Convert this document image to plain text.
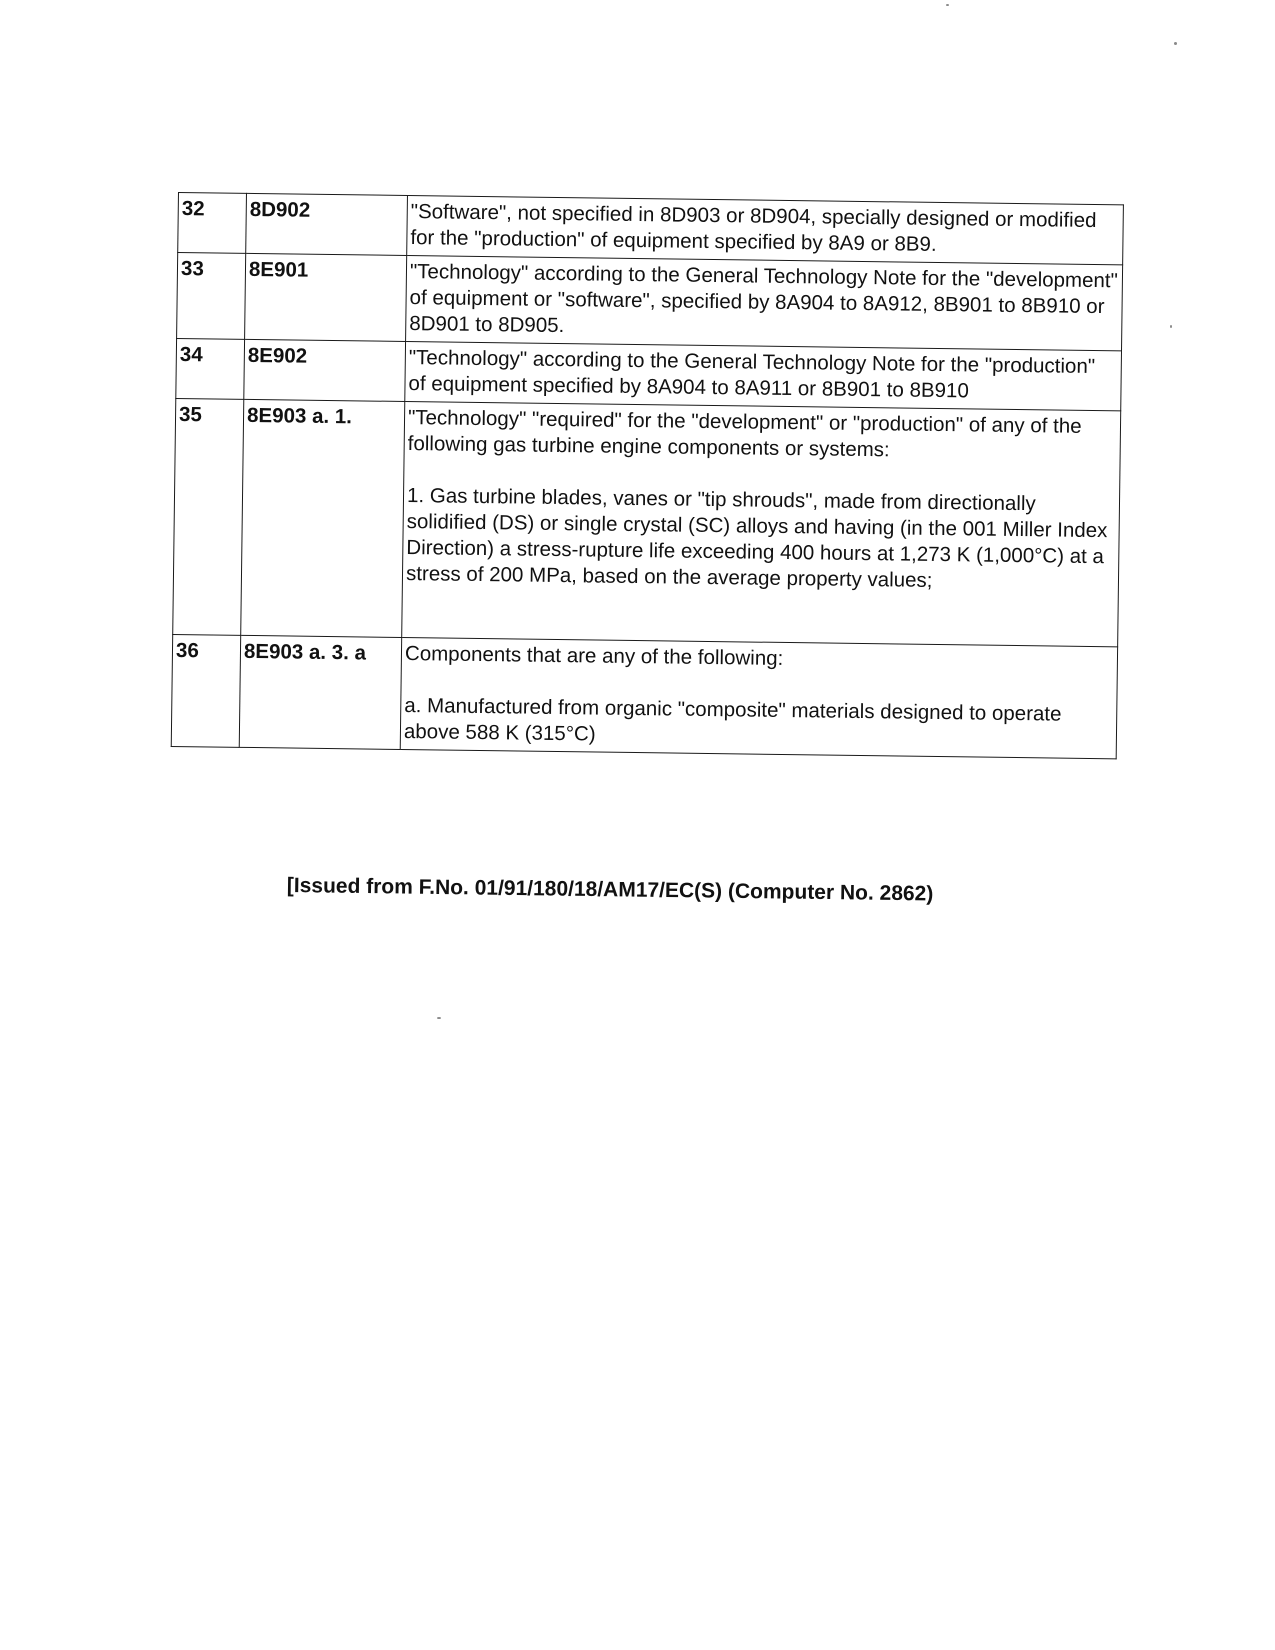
32	8D902	"Software", not specified in 8D903 or 8D904, specially designed or modified for the "production" of equipment specified by 8A9 or 8B9.

33	8E901	"Technology" according to the General Technology Note for the "development" of equipment or "software", specified by 8A904 to 8A912, 8B901 to 8B910 or 8D901 to 8D905.

34	8E902	"Technology" according to the General Technology Note for the "production" of equipment specified by 8A904 to 8A911 or 8B901 to 8B910

35	8E903 a. 1.	"Technology" "required" for the "development" or "production" of any of the following gas turbine engine components or systems:

1. Gas turbine blades, vanes or "tip shrouds", made from directionally solidified (DS) or single crystal (SC) alloys and having (in the 001 Miller Index Direction) a stress-rupture life exceeding 400 hours at 1,273 K (1,000°C) at a stress of 200 MPa, based on the average property values;

36	8E903 a. 3. a	Components that are any of the following:

a. Manufactured from organic "composite" materials designed to operate above 588 K (315°C)

[Issued from F.No. 01/91/180/18/AM17/EC(S) (Computer No. 2862)
